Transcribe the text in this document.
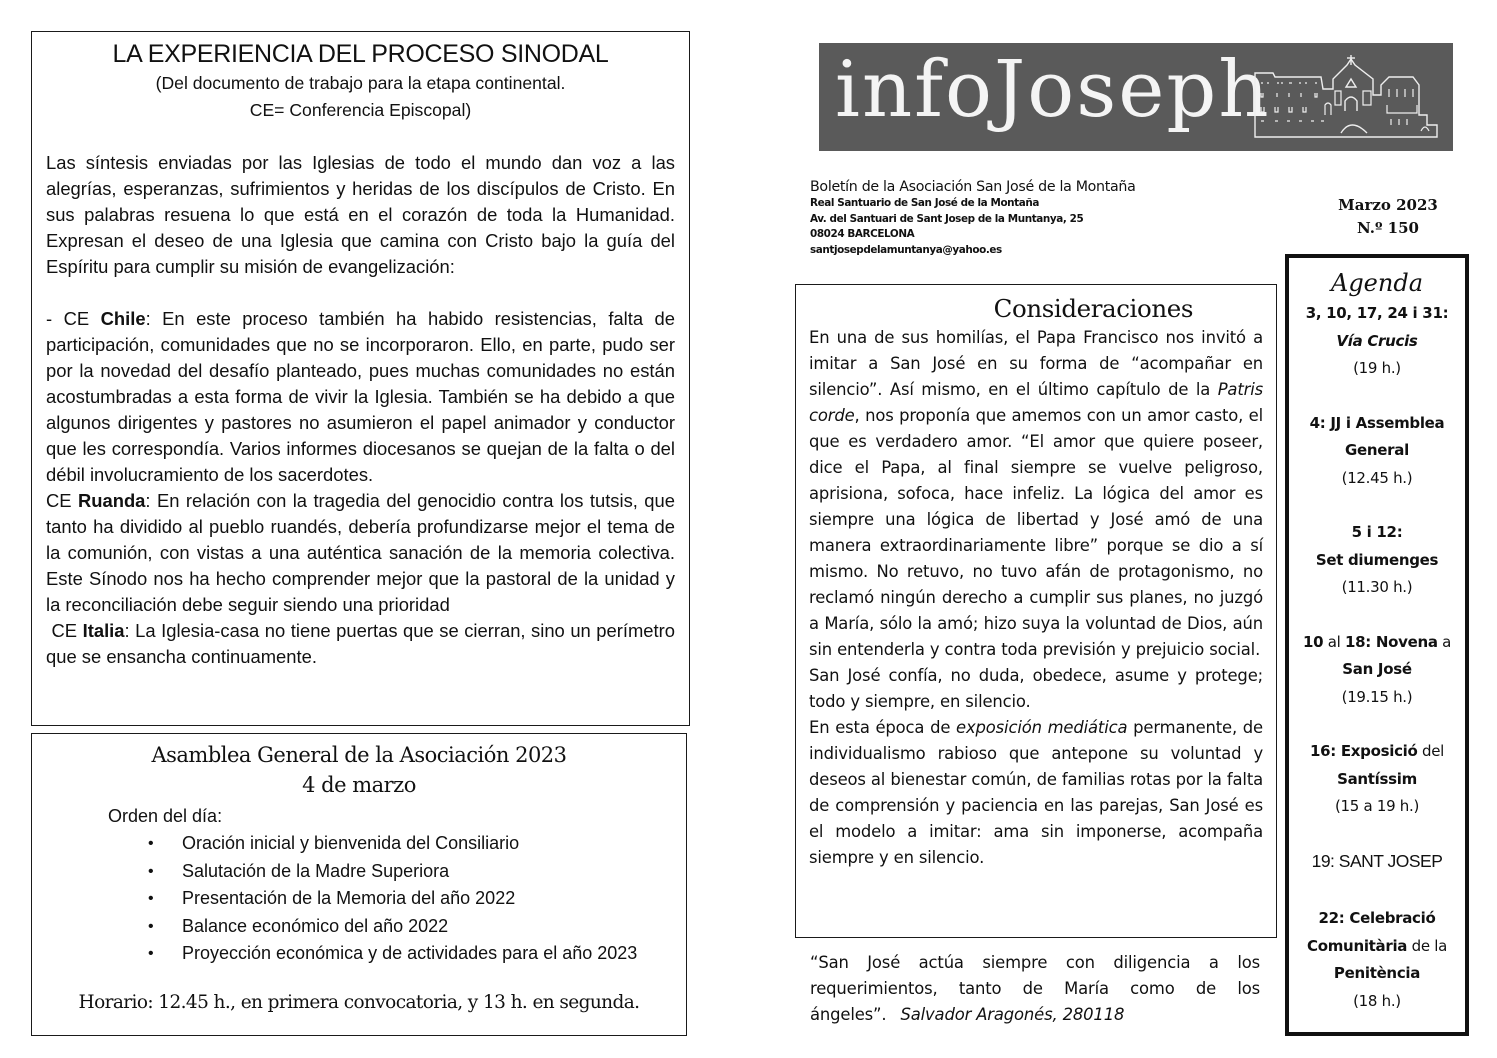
LA EXPERIENCIA DEL PROCESO SINODAL
(Del documento de trabajo para la etapa continental.
CE= Conferencia Episcopal)

Las síntesis enviadas por las Iglesias de todo el mundo dan voz a las alegrías, esperanzas, sufrimientos y heridas de los discípulos de Cristo. En sus palabras resuena lo que está en el corazón de toda la Humanidad. Expresan el deseo de una Iglesia que camina con Cristo bajo la guía del Espíritu para cumplir su misión de evangelización:

- CE Chile: En este proceso también ha habido resistencias, falta de participación, comunidades que no se incorporaron. Ello, en parte, pudo ser por la novedad del desafío planteado, pues muchas comunidades no están acostumbradas a esta forma de vivir la Iglesia. También se ha debido a que algunos dirigentes y pastores no asumieron el papel animador y conductor que les correspondía. Varios informes diocesanos se quejan de la falta o del débil involucramiento de los sacerdotes.

CE Ruanda: En relación con la tragedia del genocidio contra los tutsis, que tanto ha dividido al pueblo ruandés, debería profundizarse mejor el tema de la comunión, con vistas a una auténtica sanación de la memoria colectiva. Este Sínodo nos ha hecho comprender mejor que la pastoral de la unidad y la reconciliación debe seguir siendo una prioridad

CE Italia: La Iglesia-casa no tiene puertas que se cierran, sino un perímetro que se ensancha continuamente.

Asamblea General de la Asociación 2023
4 de marzo
Orden del día:
• Oración inicial y bienvenida del Consiliario
• Salutación de la Madre Superiora
• Presentación de la Memoria del año 2022
• Balance económico del año 2022
• Proyección económica y de actividades para el año 2023
Horario: 12.45 h., en primera convocatoria, y 13 h. en segunda.
infoJoseph
Boletín de la Asociación San José de la Montaña
Real Santuario de San José de la Montaña
Av. del Santuari de Sant Josep de la Muntanya, 25
08024 BARCELONA
santjosepdelamuntanya@yahoo.es
Marzo 2023
N.º 150
Consideraciones

En una de sus homilías, el Papa Francisco nos invitó a imitar a San José en su forma de “acompañar en silencio”. Así mismo, en el último capítulo de la Patris corde, nos proponía que amemos con un amor casto, el que es verdadero amor. “El amor que quiere poseer, dice el Papa, al final siempre se vuelve peligroso, aprisiona, sofoca, hace infeliz. La lógica del amor es siempre una lógica de libertad y José amó de una manera extraordinariamente libre” porque se dio a sí mismo. No retuvo, no tuvo afán de protagonismo, no reclamó ningún derecho a cumplir sus planes, no juzgó a María, sólo la amó; hizo suya la voluntad de Dios, aún sin entenderla y contra toda previsión y prejuicio social.

San José confía, no duda, obedece, asume y protege; todo y siempre, en silencio.

En esta época de exposición mediática permanente, de individualismo rabioso que antepone su voluntad y deseos al bienestar común, de familias rotas por la falta de comprensión y paciencia en las parejas, San José es el modelo a imitar: ama sin imponerse, acompaña siempre y en silencio.

“San José actúa siempre con diligencia a los requerimientos, tanto de María como de los ángeles”. Salvador Aragonés, 280118
Agenda
3, 10, 17, 24 i 31:
Vía Crucis
(19 h.)
4: JJ i Assemblea
General
(12.45 h.)
5 i 12:
Set diumenges
(11.30 h.)
10 al 18: Novena a
San José
(19.15 h.)
16: Exposició del
Santíssim
(15 a 19 h.)
19: SANT JOSEP
22: Celebració
Comunitària de la
Penitència
(18 h.)
